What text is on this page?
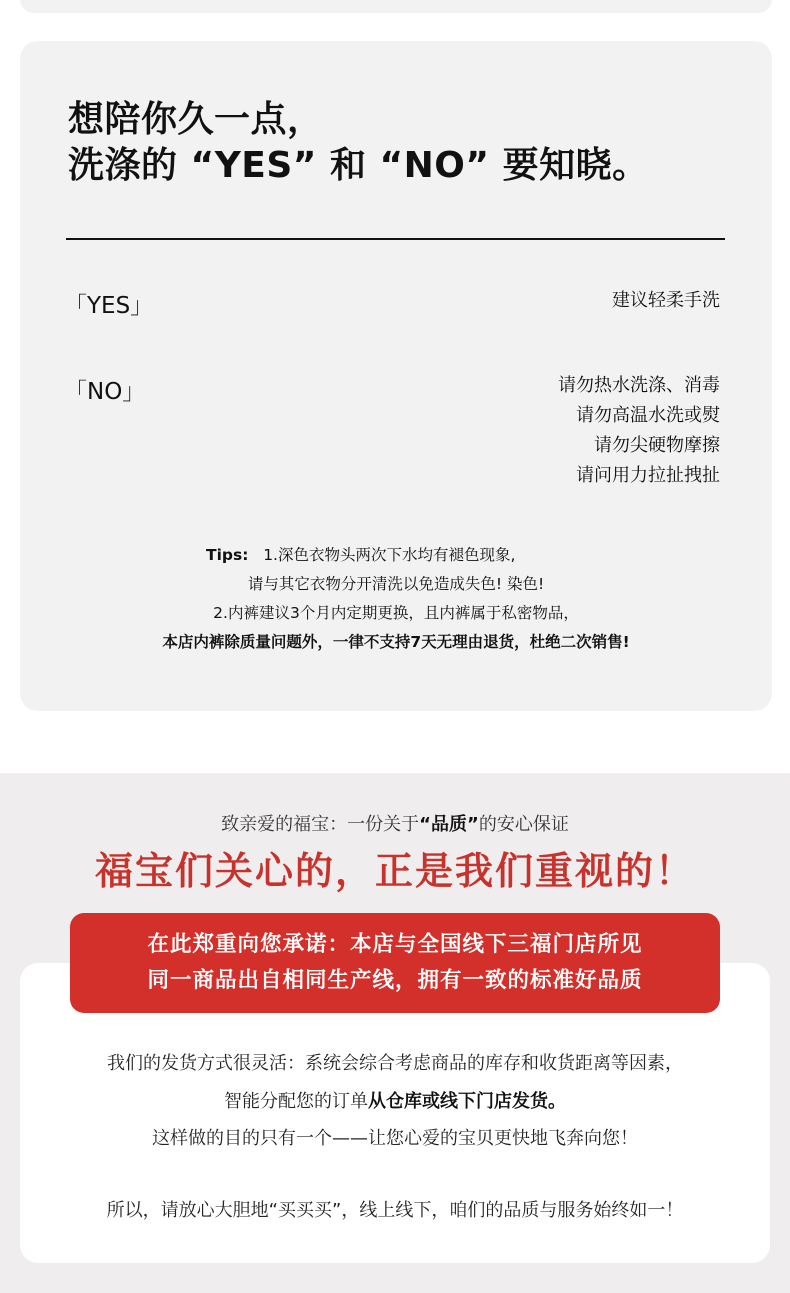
想陪你久一点，
洗涤的 “YES” 和 “NO” 要知晓。
「YES」	建议轻柔手洗
「NO」	请勿热水洗涤、消毒
请勿高温水洗或熨
请勿尖硬物摩擦
请问用力拉扯拽扯
Tips: 1.深色衣物头两次下水均有褪色现象,
请与其它衣物分开清洗以免造成失色! 染色!
2.内裤建议3个月内定期更换，且内裤属于私密物品，
本店内裤除质量问题外，一律不支持7天无理由退货，杜绝二次销售!
致亲爱的福宝：一份关于“品质”的安心保证
福宝们关心的，正是我们重视的！
在此郑重向您承诺：本店与全国线下三福门店所见
同一商品出自相同生产线，拥有一致的标准好品质
我们的发货方式很灵活：系统会综合考虑商品的库存和收货距离等因素，
智能分配您的订单从仓库或线下门店发货。
这样做的目的只有一个——让您心爱的宝贝更快地飞奔向您！
所以，请放心大胆地“买买买”，线上线下，咱们的品质与服务始终如一！
